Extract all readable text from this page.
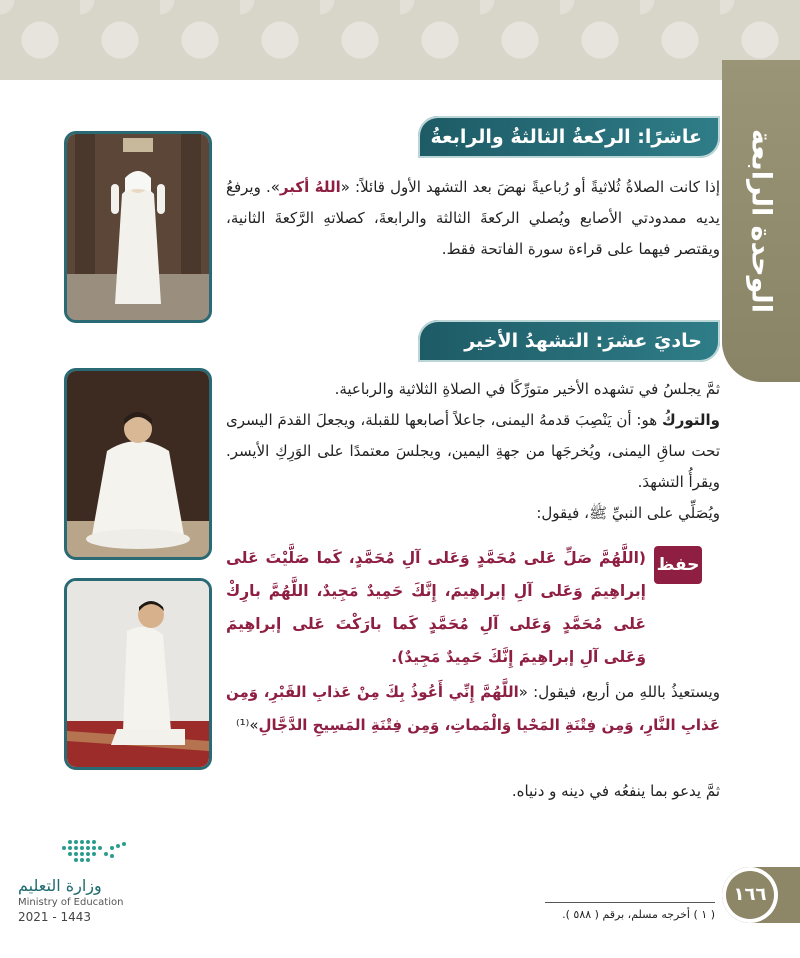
الوحدة الرابعة
عاشرًا: الركعةُ الثالثةُ والرابعةُ
إذا كانت الصلاةُ ثُلاثيةً أو رُباعيةً نهضَ بعد التشهد الأول قائلاً: «اللهُ أكبر». ويرفعُ يديه ممدودتي الأصابع ويُصلي الركعةَ الثالثة والرابعةَ، كصلاتهِ الرَّكعةَ الثانية، ويقتصر فيهما على قراءة سورة الفاتحة فقط.
حاديَ عشرَ: التشهدُ الأخير
ثمَّ يجلسُ في تشهده الأخير متورِّكًا في الصلاةِ الثلاثية والرباعية.
والتوركُ هو: أن يَنْصِبَ قدمهُ اليمنى، جاعلاً أصابعها للقبلة، ويجعلَ القدمَ اليسرى تحت ساقِ اليمنى، ويُخرجَها من جهةِ اليمين، ويجلسَ معتمدًا على الوَرِكِ الأيسر. ويقرأُ التشهدَ.
ويُصَلِّي على النبيِّ ﷺ، فيقول:
حفظ
(اللَّهُمَّ صَلِّ عَلى مُحَمَّدٍ وَعَلى آلِ مُحَمَّدٍ، كَما صَلَّيْتَ عَلى إبراهِيمَ وَعَلى آلِ إبراهِيمَ، إِنَّكَ حَمِيدٌ مَجِيدٌ، اللَّهُمَّ بارِكْ عَلى مُحَمَّدٍ وَعَلى آلِ مُحَمَّدٍ كَما بارَكْتَ عَلى إبراهِيمَ وَعَلى آلِ إبراهِيمَ إِنَّكَ حَمِيدٌ مَجِيدٌ).
ويستعيذُ باللهِ من أربع، فيقول: «اللَّهُمَّ إِنِّي أَعُوذُ بِكَ مِنْ عَذابِ القَبْرِ، وَمِن عَذابِ النَّارِ، وَمِن فِتْنَةِ المَحْيا وَالْمَماتِ، وَمِن فِتْنَةِ المَسِيحِ الدَّجَّالِ»⁽¹⁾
ثمَّ يدعو بما ينفعُه في دينه و دنياه.
وزارة التعليم
Ministry of Education
2021 - 1443
١٦٦
( ١ ) أخرجه مسلم، برقم ( ٥٨٨ ).
